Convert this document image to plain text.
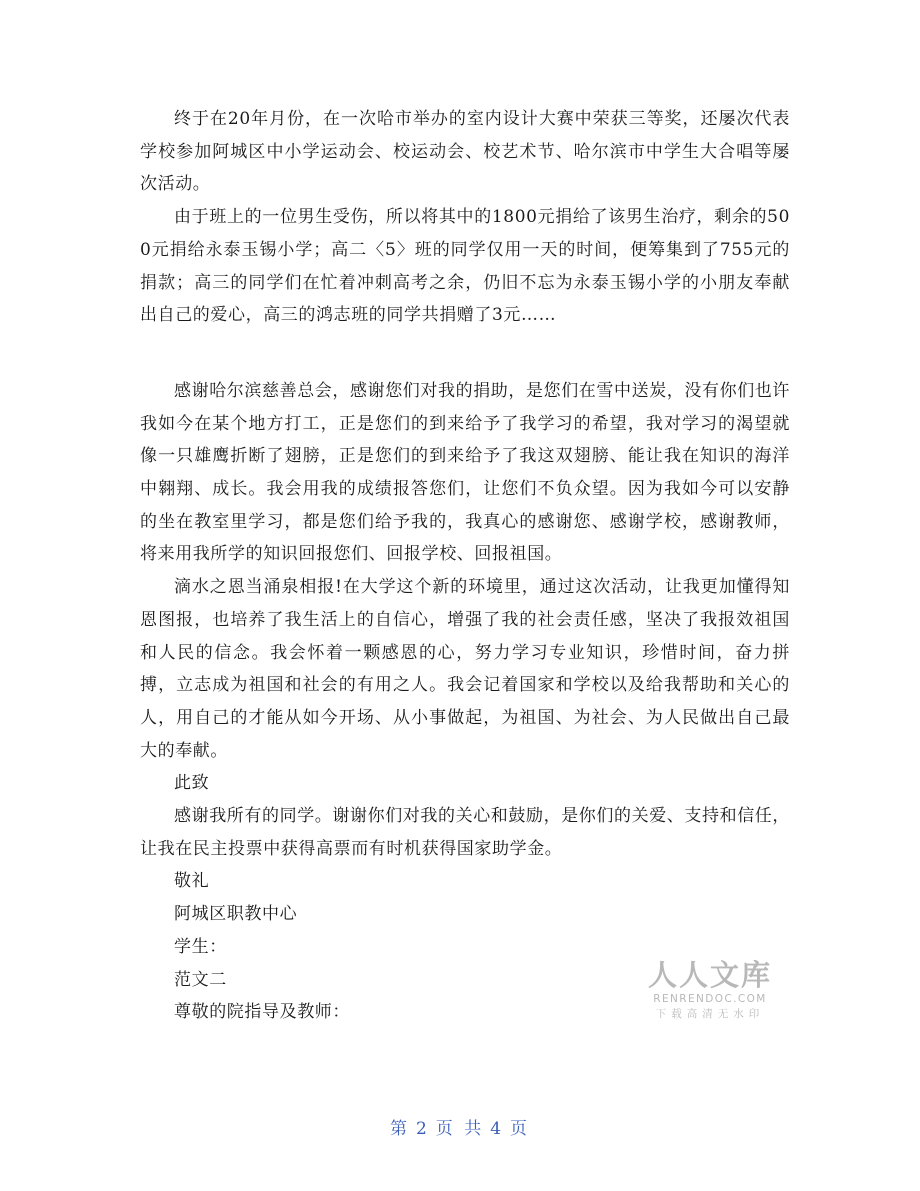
终于在20年月份，在一次哈市举办的室内设计大赛中荣获三等奖，还屡次代表学校参加阿城区中小学运动会、校运动会、校艺术节、哈尔滨市中学生大合唱等屡次活动。

由于班上的一位男生受伤，所以将其中的1800元捐给了该男生治疗，剩余的500元捐给永泰玉锡小学；高二〈5〉班的同学仅用一天的时间，便筹集到了755元的捐款；高三的同学们在忙着冲刺高考之余，仍旧不忘为永泰玉锡小学的小朋友奉献出自己的爱心，高三的鸿志班的同学共捐赠了3元……

感谢哈尔滨慈善总会，感谢您们对我的捐助，是您们在雪中送炭，没有你们也许我如今在某个地方打工，正是您们的到来给予了我学习的希望，我对学习的渴望就像一只雄鹰折断了翅膀，正是您们的到来给予了我这双翅膀、能让我在知识的海洋中翱翔、成长。我会用我的成绩报答您们，让您们不负众望。因为我如今可以安静的坐在教室里学习，都是您们给予我的，我真心的感谢您、感谢学校，感谢教师，将来用我所学的知识回报您们、回报学校、回报祖国。

滴水之恩当涌泉相报!在大学这个新的环境里，通过这次活动，让我更加懂得知恩图报，也培养了我生活上的自信心，增强了我的社会责任感，坚决了我报效祖国和人民的信念。我会怀着一颗感恩的心，努力学习专业知识，珍惜时间，奋力拼搏，立志成为祖国和社会的有用之人。我会记着国家和学校以及给我帮助和关心的人，用自己的才能从如今开场、从小事做起，为祖国、为社会、为人民做出自己最大的奉献。

此致

感谢我所有的同学。谢谢你们对我的关心和鼓励，是你们的关爱、支持和信任，让我在民主投票中获得高票而有时机获得国家助学金。

敬礼

阿城区职教中心

学生：

范文二

尊敬的院指导及教师：

人人文库
RENRENDOC.COM
下载高清无水印
第 2 页 共 4 页
